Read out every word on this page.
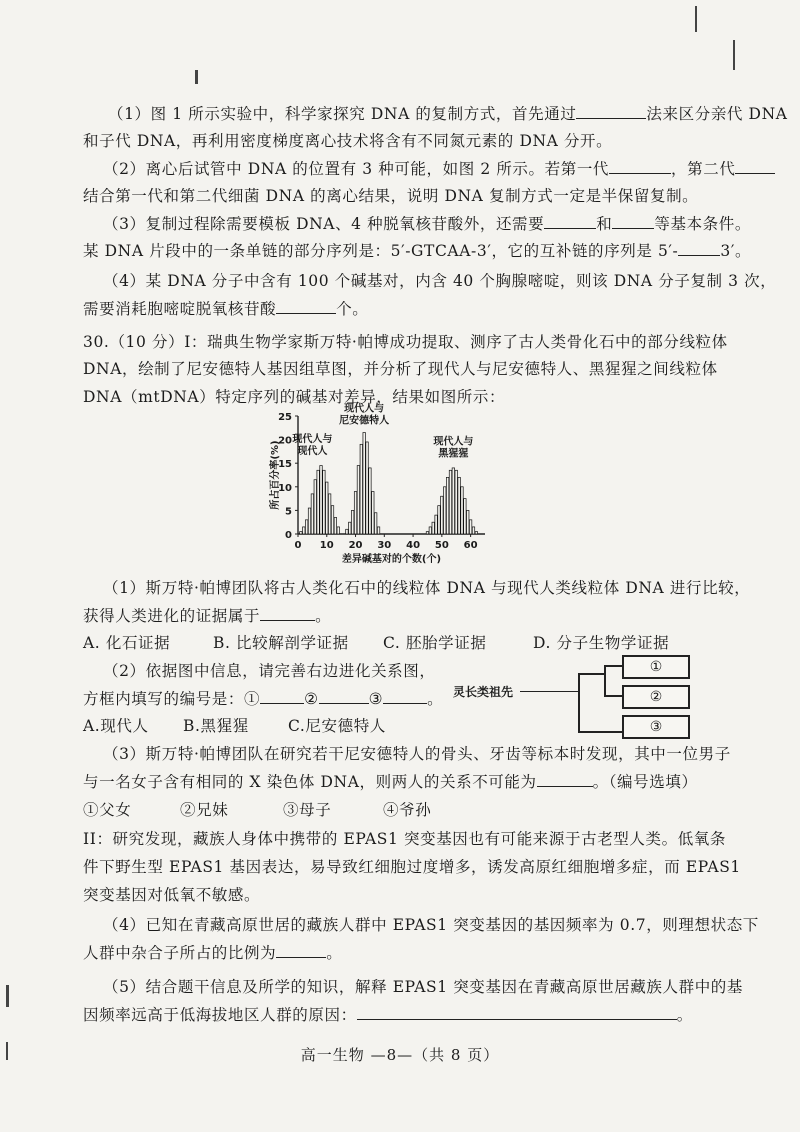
（1）图 1 所示实验中，科学家探究 DNA 的复制方式，首先通过	法来区分亲代 DNA
和子代 DNA，再利用密度梯度离心技术将含有不同氮元素的 DNA 分开。
（2）离心后试管中 DNA 的位置有 3 种可能，如图 2 所示。若第一代	，第二代
结合第一代和第二代细菌 DNA 的离心结果，说明 DNA 复制方式一定是半保留复制。
（3）复制过程除需要模板 DNA、4 种脱氧核苷酸外，还需要	和	等基本条件。
某 DNA 片段中的一条单链的部分序列是：5′-GTCAA-3′，它的互补链的序列是 5′-	3′。
（4）某 DNA 分子中含有 100 个碱基对，内含 40 个胸腺嘧啶，则该 DNA 分子复制 3 次，
需要消耗胞嘧啶脱氧核苷酸	个。
30.（10 分）I：瑞典生物学家斯万特·帕博成功提取、测序了古人类骨化石中的部分线粒体
DNA，绘制了尼安德特人基因组草图，并分析了现代人与尼安德特人、黑猩猩之间线粒体
DNA（mtDNA）特定序列的碱基对差异，结果如图所示：
0
5
10
15
20
25
0 10 20 30 40 50 60
差异碱基对的个数(个)
所占百分率(%)
现代人与现代人
现代人与尼安德特人
现代人与黑猩猩
（1）斯万特·帕博团队将古人类化石中的线粒体 DNA 与现代人类线粒体 DNA 进行比较，
获得人类进化的证据属于	。
A. 化石证据	B. 比较解剖学证据 C. 胚胎学证据	D. 分子生物学证据
（2）依据图中信息，请完善右边进化关系图，
方框内填写的编号是：①	②	③	。
A.现代人 B.黑猩猩	C.尼安德特人
灵长类祖先
①
②
③
（3）斯万特·帕博团队在研究若干尼安德特人的骨头、牙齿等标本时发现，其中一位男子
与一名女子含有相同的 X 染色体 DNA，则两人的关系不可能为	。（编号选填）
①父女	②兄妹	③母子	④爷孙
II：研究发现，藏族人身体中携带的 EPAS1 突变基因也有可能来源于古老型人类。低氧条
件下野生型 EPAS1 基因表达，易导致红细胞过度增多，诱发高原红细胞增多症，而 EPAS1
突变基因对低氧不敏感。
（4）已知在青藏高原世居的藏族人群中 EPAS1 突变基因的基因频率为 0.7，则理想状态下
人群中杂合子所占的比例为	。
（5）结合题干信息及所学的知识，解释 EPAS1 突变基因在青藏高原世居藏族人群中的基
因频率远高于低海拔地区人群的原因：	。
高一生物 —8—（共 8 页）
